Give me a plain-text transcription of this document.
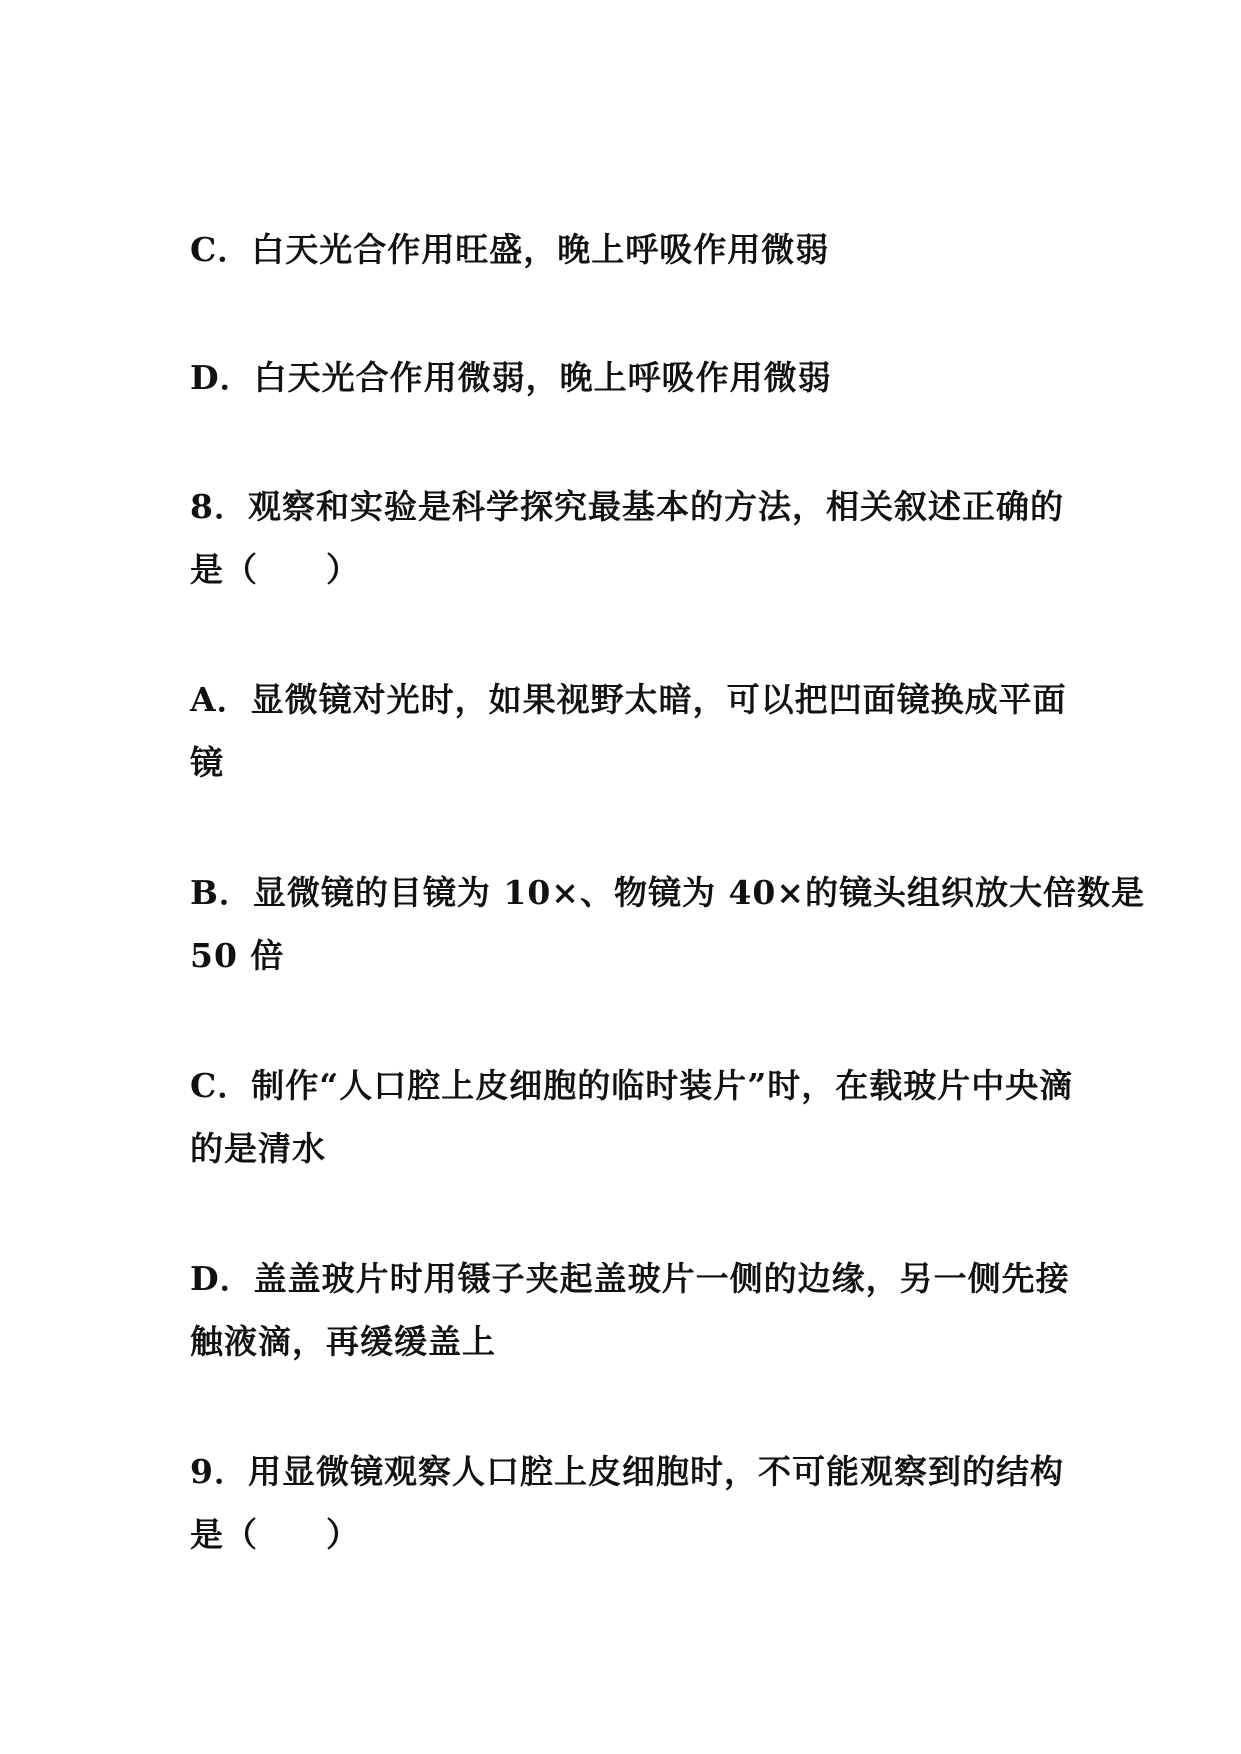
C．白天光合作用旺盛，晚上呼吸作用微弱
D．白天光合作用微弱，晚上呼吸作用微弱
8．观察和实验是科学探究最基本的方法，相关叙述正确的
是（　　）
A．显微镜对光时，如果视野太暗，可以把凹面镜换成平面
镜
B．显微镜的目镜为 10×、物镜为 40×的镜头组织放大倍数是
50 倍
C．制作“人口腔上皮细胞的临时装片”时，在载玻片中央滴
的是清水
D．盖盖玻片时用镊子夹起盖玻片一侧的边缘，另一侧先接
触液滴，再缓缓盖上
9．用显微镜观察人口腔上皮细胞时，不可能观察到的结构
是（　　）
